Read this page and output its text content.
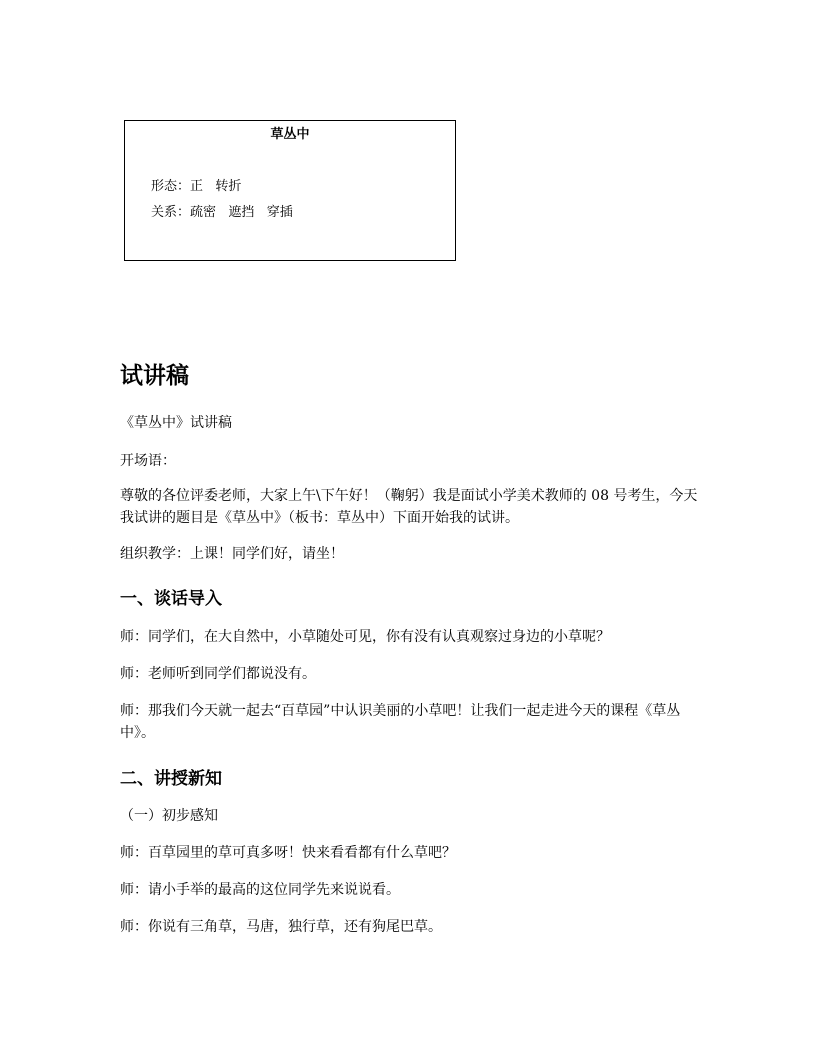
草丛中
形态：正   转折
关系：疏密   遮挡   穿插
试讲稿

《草丛中》试讲稿

开场语：

尊敬的各位评委老师，大家上午\下午好！（鞠躬）我是面试小学美术教师的 08 号考生，今天我试讲的题目是《草丛中》（板书：草丛中）下面开始我的试讲。

组织教学：上课！同学们好，请坐！

一、谈话导入

师：同学们，在大自然中，小草随处可见，你有没有认真观察过身边的小草呢？

师：老师听到同学们都说没有。

师：那我们今天就一起去“百草园”中认识美丽的小草吧！让我们一起走进今天的课程《草丛中》。

二、讲授新知

（一）初步感知

师：百草园里的草可真多呀！快来看看都有什么草吧？

师：请小手举的最高的这位同学先来说说看。

师：你说有三角草，马唐，独行草，还有狗尾巴草。
